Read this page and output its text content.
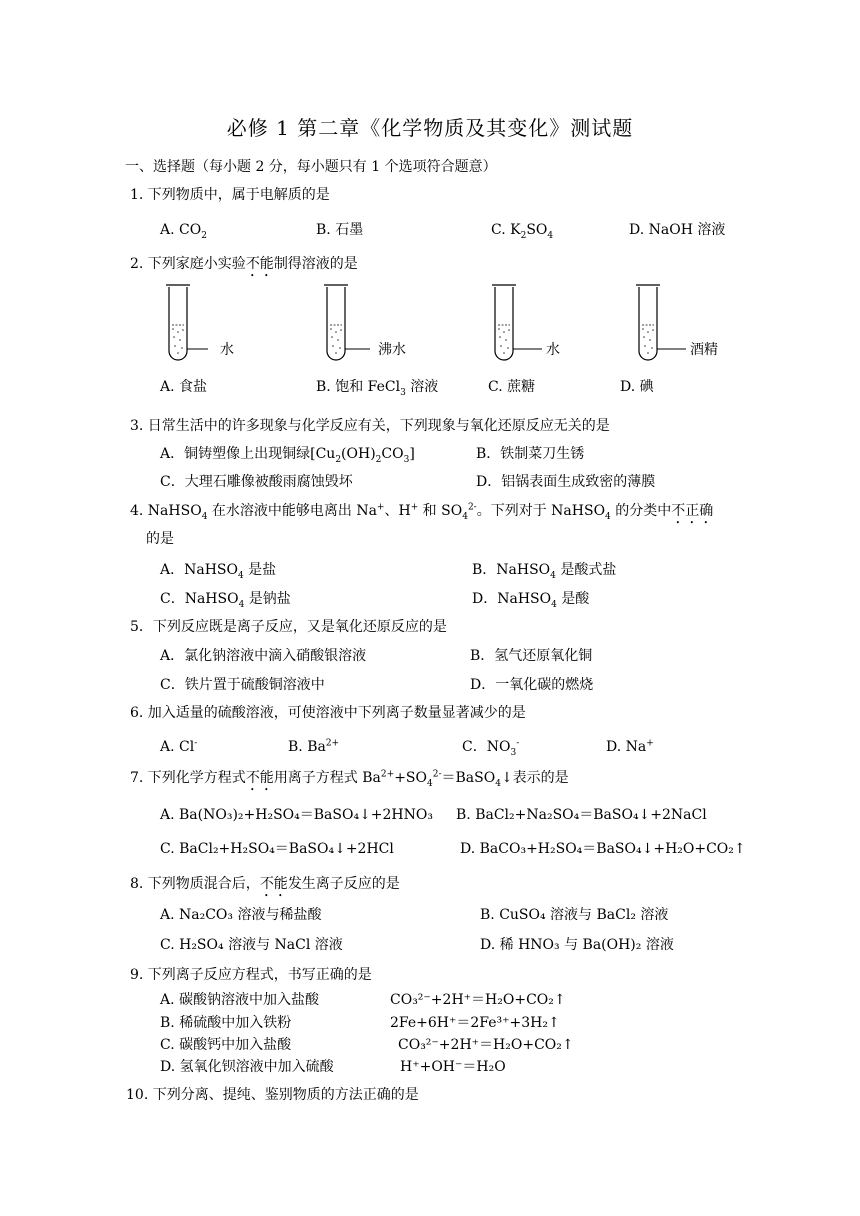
必修 1 第二章《化学物质及其变化》测试题
一、选择题（每小题 2 分，每小题只有 1 个选项符合题意）
1. 下列物质中，属于电解质的是
A. $CO_2$	B. 石墨	C. $K_2SO_4$	D. NaOH 溶液
2. 下列家庭小实验不能制得溶液的是
水	沸水	水	酒精
A. 食盐	B. 饱和 FeCl$_3$ 溶液	C. 蔗糖	D. 碘
3. 日常生活中的许多现象与化学反应有关，下列现象与氧化还原反应无关的是
A．铜铸塑像上出现铜绿$[Cu_2(OH)_2CO_3]$	B．铁制菜刀生锈
C．大理石雕像被酸雨腐蚀毁坏	D．铝锅表面生成致密的薄膜
4. NaHSO$_4$ 在水溶液中能够电离出 Na+、H+ 和 $SO_4^{2-}$。下列对于 NaHSO$_4$ 的分类中不正确
的是
A．NaHSO$_4$ 是盐	B．NaHSO$_4$ 是酸式盐
C．NaHSO$_4$ 是钠盐	D．NaHSO$_4$ 是酸
5．下列反应既是离子反应，又是氧化还原反应的是
A．氯化钠溶液中滴入硝酸银溶液	B．氢气还原氧化铜
C．铁片置于硫酸铜溶液中	D．一氧化碳的燃烧
6. 加入适量的硫酸溶液，可使溶液中下列离子数量显著减少的是
A. Cl-	B. $Ba^{2+}$	C．$NO_3^-$	D. Na+
7. 下列化学方程式不能用离子方程式 $Ba^{2+}+SO_4^{2-}=BaSO_4↓$表示的是
A. Ba(NO₃)₂+H₂SO₄＝BaSO₄↓+2HNO₃ B. BaCl₂+Na₂SO₄＝BaSO₄↓+2NaCl
C. BaCl₂+H₂SO₄＝BaSO₄↓+2HCl	D. BaCO₃+H₂SO₄＝BaSO₄↓+H₂O+CO₂↑
8. 下列物质混合后，不能发生离子反应的是
A. Na₂CO₃ 溶液与稀盐酸	B. CuSO₄ 溶液与 BaCl₂ 溶液
C. H₂SO₄ 溶液与 NaCl 溶液	D. 稀 HNO₃ 与 Ba(OH)₂ 溶液
9. 下列离子反应方程式，书写正确的是
A. 碳酸钠溶液中加入盐酸	CO₃²⁻+2H⁺＝H₂O+CO₂↑
B. 稀硫酸中加入铁粉	2Fe+6H⁺＝2Fe³⁺+3H₂↑
C. 碳酸钙中加入盐酸	CO₃²⁻+2H⁺＝H₂O+CO₂↑
D. 氢氧化钡溶液中加入硫酸	H⁺+OH⁻＝H₂O
10. 下列分离、提纯、鉴别物质的方法正确的是
